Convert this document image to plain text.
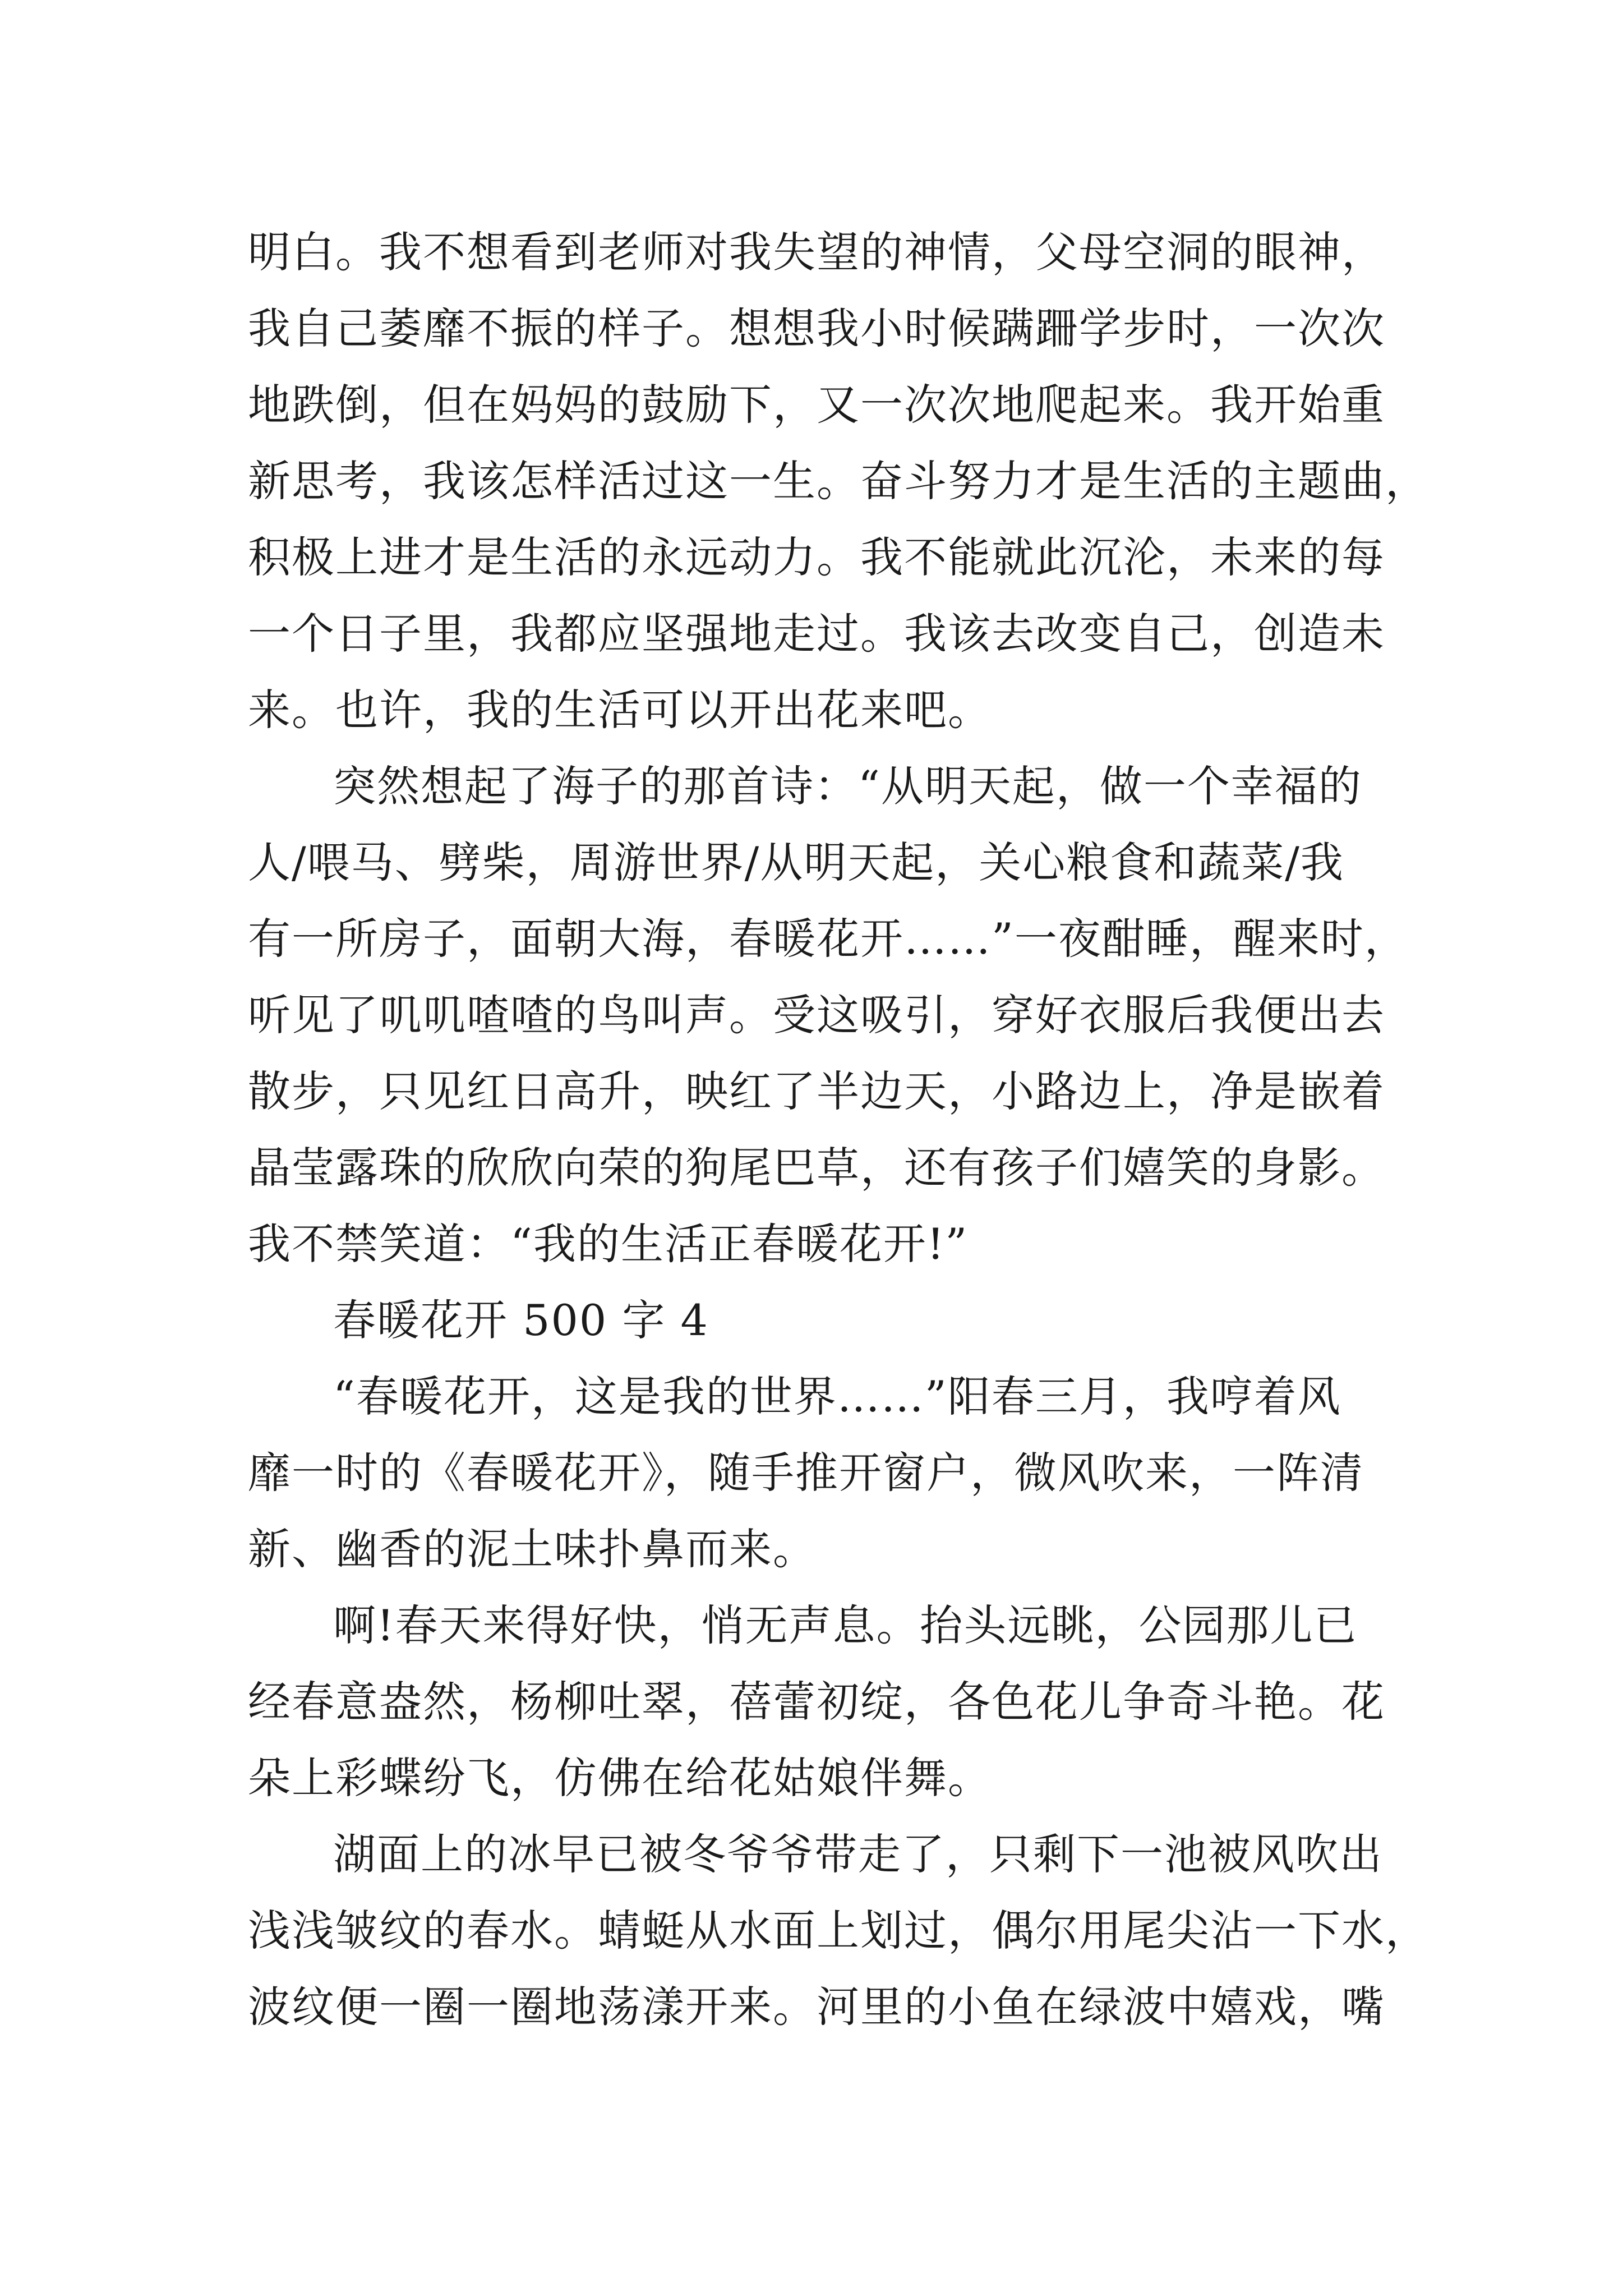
明白。我不想看到老师对我失望的神情，父母空洞的眼神，
我自己萎靡不振的样子。想想我小时候蹒跚学步时，一次次
地跌倒，但在妈妈的鼓励下，又一次次地爬起来。我开始重
新思考，我该怎样活过这一生。奋斗努力才是生活的主题曲，
积极上进才是生活的永远动力。我不能就此沉沦，未来的每
一个日子里，我都应坚强地走过。我该去改变自己，创造未
来。也许，我的生活可以开出花来吧。
突然想起了海子的那首诗：“从明天起，做一个幸福的
人/喂马、劈柴，周游世界/从明天起，关心粮食和蔬菜/我
有一所房子，面朝大海，春暖花开……”一夜酣睡，醒来时，
听见了叽叽喳喳的鸟叫声。受这吸引，穿好衣服后我便出去
散步，只见红日高升，映红了半边天，小路边上，净是嵌着
晶莹露珠的欣欣向荣的狗尾巴草，还有孩子们嬉笑的身影。
我不禁笑道：“我的生活正春暖花开!”
春暖花开 500 字 4
“春暖花开，这是我的世界……”阳春三月，我哼着风
靡一时的《春暖花开》，随手推开窗户，微风吹来，一阵清
新、幽香的泥土味扑鼻而来。
啊!春天来得好快，悄无声息。抬头远眺，公园那儿已
经春意盎然，杨柳吐翠，蓓蕾初绽，各色花儿争奇斗艳。花
朵上彩蝶纷飞，仿佛在给花姑娘伴舞。
湖面上的冰早已被冬爷爷带走了，只剩下一池被风吹出
浅浅皱纹的春水。蜻蜓从水面上划过，偶尔用尾尖沾一下水，
波纹便一圈一圈地荡漾开来。河里的小鱼在绿波中嬉戏，嘴
